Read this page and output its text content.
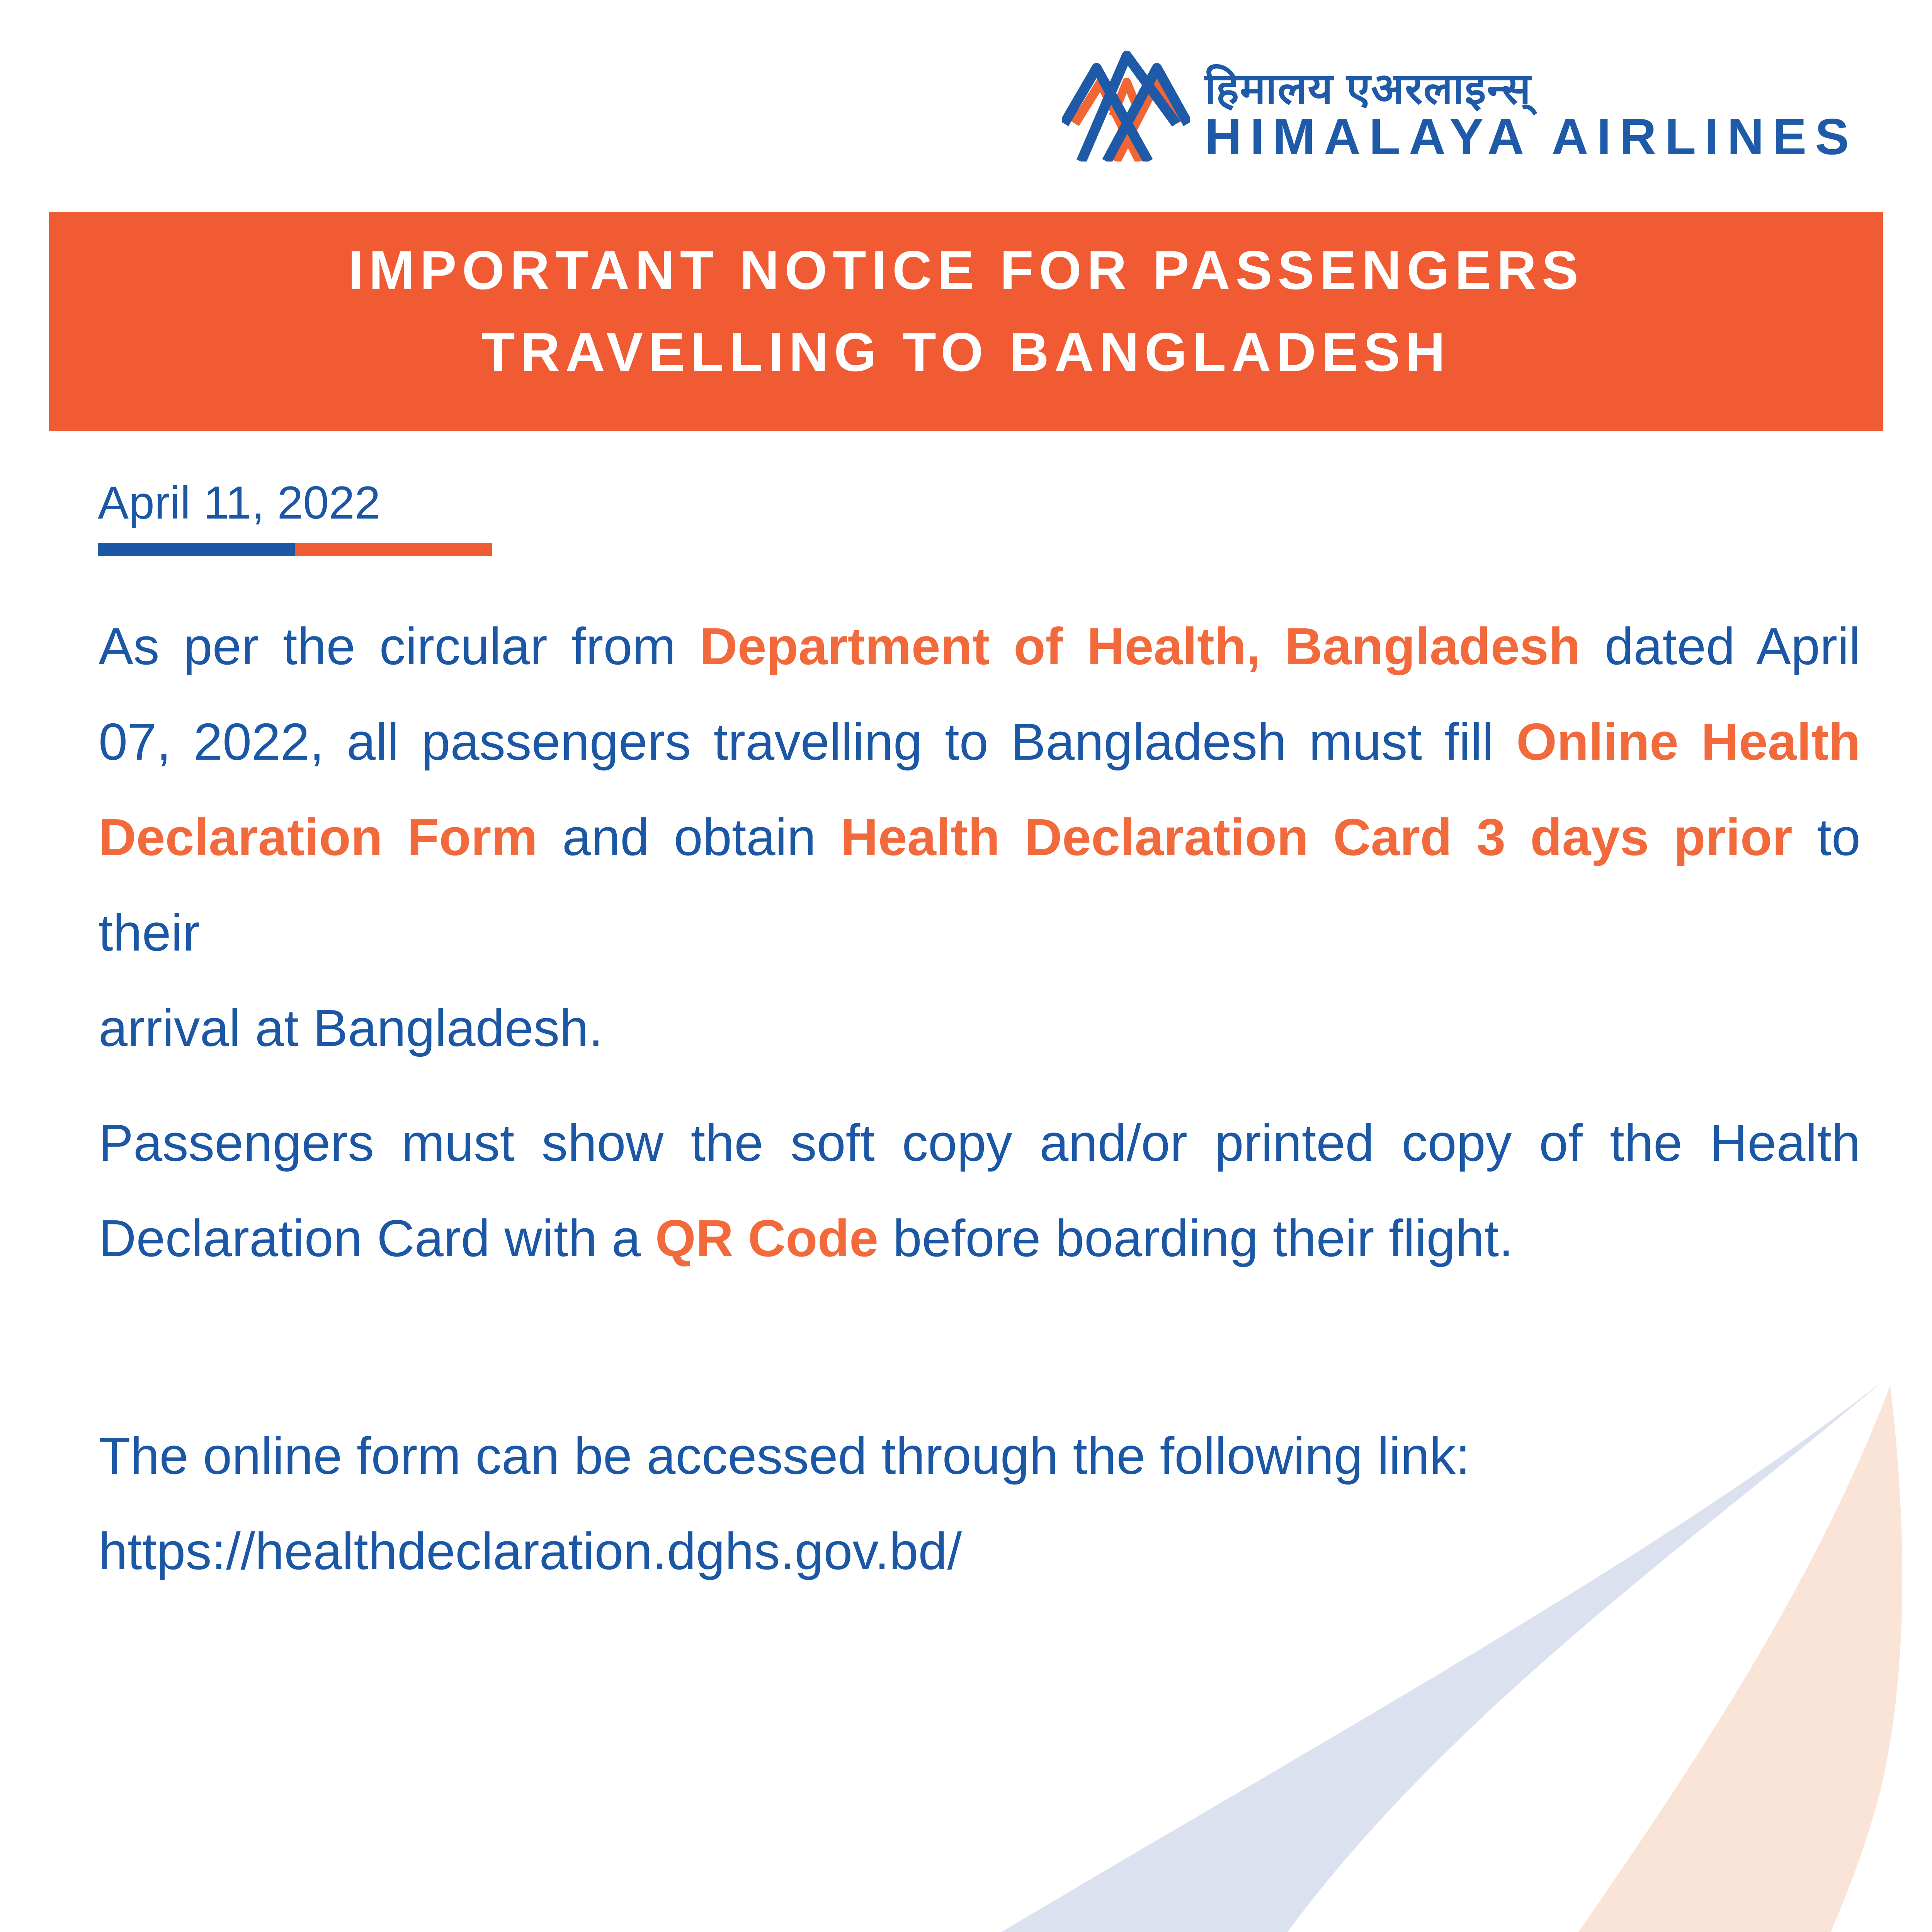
हिमालय एअरलाइन्स्
HIMALAYA AIRLINES
IMPORTANT NOTICE FOR PASSENGERS
TRAVELLING TO BANGLADESH
April 11, 2022
As per the circular from Department of Health, Bangladesh dated April
07, 2022, all passengers travelling to Bangladesh must fill Online Health
Declaration Form and obtain Health Declaration Card 3 days prior to their
arrival at Bangladesh.
Passengers must show the soft copy and/or printed copy of the Health
Declaration Card with a QR Code before boarding their flight.
The online form can be accessed through the following link:
https://healthdeclaration.dghs.gov.bd/
